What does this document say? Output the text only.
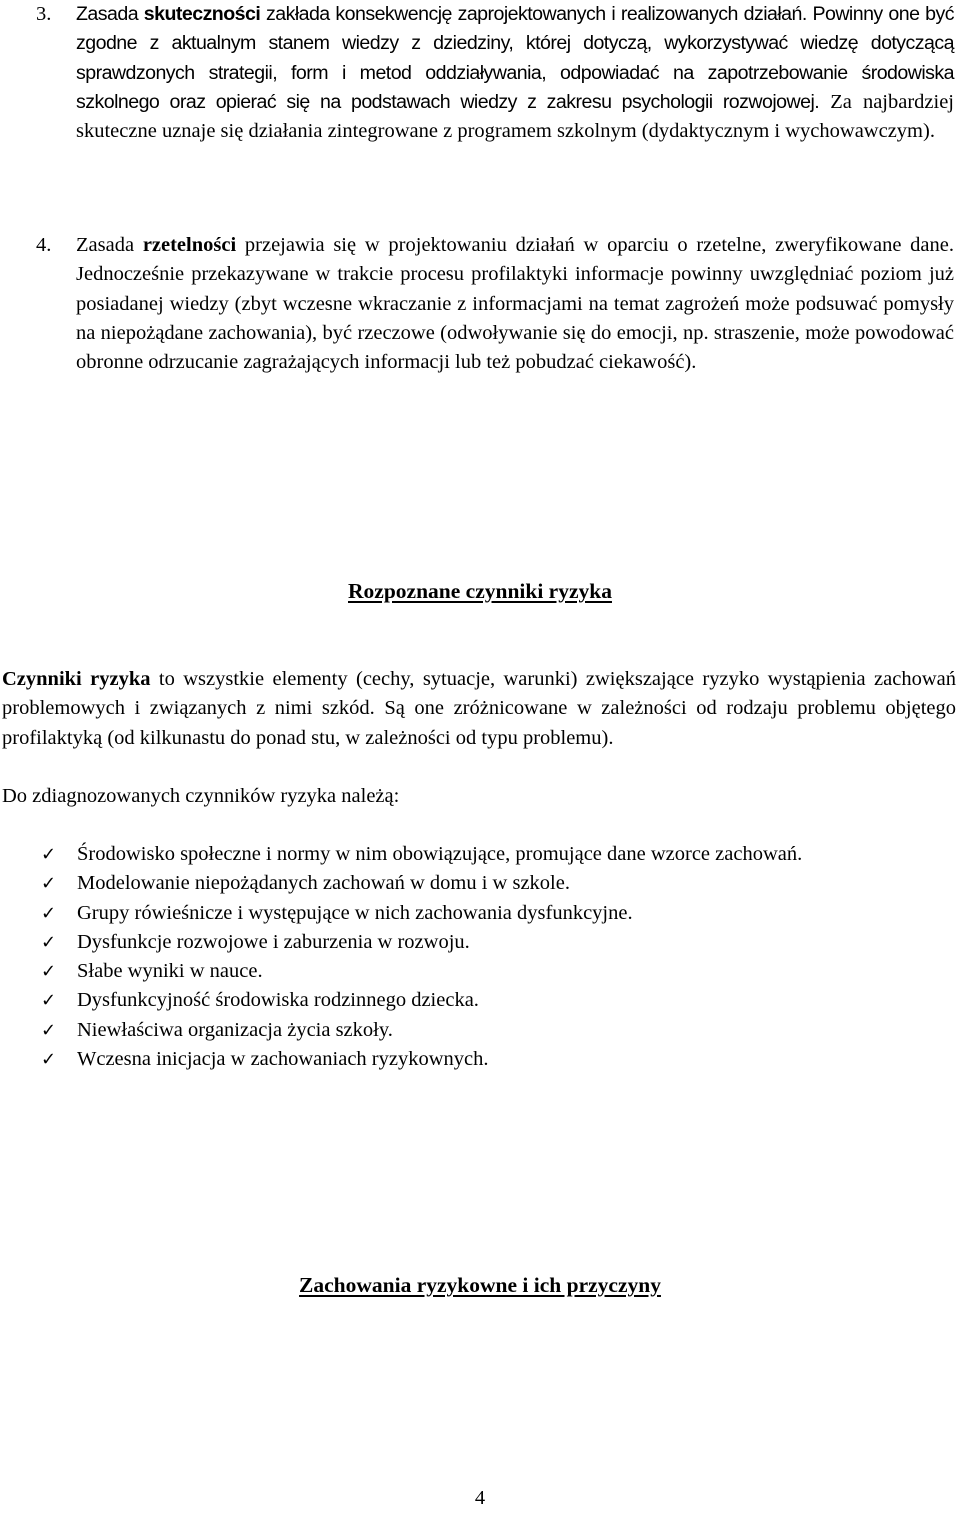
3. Zasada skuteczności zakłada konsekwencję zaprojektowanych i realizowanych działań. Powinny one być zgodne z aktualnym stanem wiedzy z dziedziny, której dotyczą, wykorzystywać wiedzę dotyczącą sprawdzonych strategii, form i metod oddziaływania, odpowiadać na zapotrzebowanie środowiska szkolnego oraz opierać się na podstawach wiedzy z zakresu psychologii rozwojowej. Za najbardziej skuteczne uznaje się działania zintegrowane z programem szkolnym (dydaktycznym i wychowawczym).
4. Zasada rzetelności przejawia się w projektowaniu działań w oparciu o rzetelne, zweryfikowane dane. Jednocześnie przekazywane w trakcie procesu profilaktyki informacje powinny uwzględniać poziom już posiadanej wiedzy (zbyt wczesne wkraczanie z informacjami na temat zagrożeń może podsuwać pomysły na niepożądane zachowania), być rzeczowe (odwoływanie się do emocji, np. straszenie, może powodować obronne odrzucanie zagrażających informacji lub też pobudzać ciekawość).
Rozpoznane czynniki ryzyka
Czynniki ryzyka to wszystkie elementy (cechy, sytuacje, warunki) zwiększające ryzyko wystąpienia zachowań problemowych i związanych z nimi szkód. Są one zróżnicowane w zależności od rodzaju problemu objętego profilaktyką (od kilkunastu do ponad stu, w zależności od typu problemu).
Do zdiagnozowanych czynników ryzyka należą:
✓ Środowisko społeczne i normy w nim obowiązujące, promujące dane wzorce zachowań.
✓ Modelowanie niepożądanych zachowań w domu i w szkole.
✓ Grupy rówieśnicze i występujące w nich zachowania dysfunkcyjne.
✓ Dysfunkcje rozwojowe i zaburzenia w rozwoju.
✓ Słabe wyniki w nauce.
✓ Dysfunkcyjność środowiska rodzinnego dziecka.
✓ Niewłaściwa organizacja życia szkoły.
✓ Wczesna inicjacja w zachowaniach ryzykownych.
Zachowania ryzykowne i ich przyczyny
4
